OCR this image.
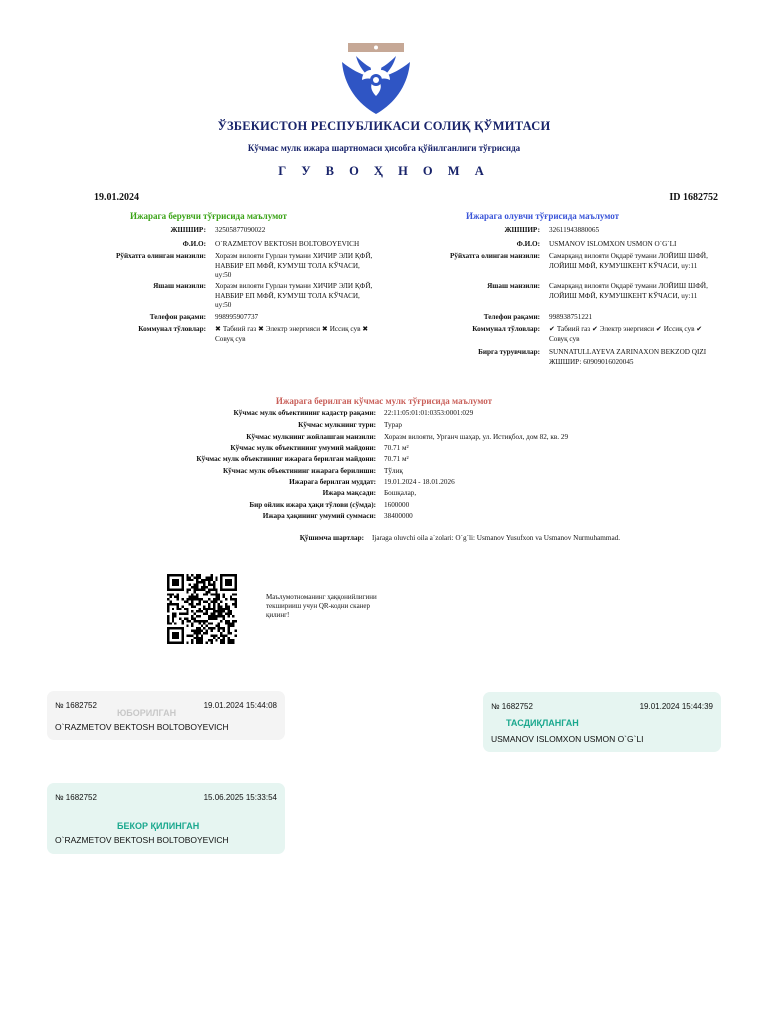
ЎЗБЕКИСТОН РЕСПУБЛИКАСИ СОЛИҚ ҚЎМИТАСИ
Кўчмас мулк ижара шартномаси ҳисобга қўйилганлиги тўғрисида
Г У В О Ҳ Н О М А
19.01.2024	ID 1682752
Ижарага берувчи тўғрисида маълумот
ЖШШИР: 32505877090022
Ф.И.О: O`RAZMETOV BEKTOSH BOLTOBOYEVICH
Рўйхатга олинган манзили: Хоразм вилояти Гурлан тумани ХИЧИР ЭЛИ ҚФЙ, НАВБИР ЕП МФЙ, КУМУШ ТОЛА КЎЧАСИ, uy:50
Яшаш манзили: Хоразм вилояти Гурлан тумани ХИЧИР ЭЛИ ҚФЙ, НАВБИР ЕП МФЙ, КУМУШ ТОЛА КЎЧАСИ, uy:50
Телефон рақами: 998995907737
Коммунал тўловлар: ✖ Табиий газ ✖ Электр энергияси ✖ Иссиқ сув ✖ Совуқ сув
Ижарага олувчи тўғрисида маълумот
ЖШШИР: 32611943880065
Ф.И.О: USMANOV ISLOMXON USMON O`G`LI
Рўйхатга олинган манзили: Самарқанд вилояти Оқдарё тумани ЛОЙИШ ШФЙ, ЛОЙИШ МФЙ, КУМУШКЕНТ КЎЧАСИ, uy:11
Яшаш манзили: Самарқанд вилояти Оқдарё тумани ЛОЙИШ ШФЙ, ЛОЙИШ МФЙ, КУМУШКЕНТ КЎЧАСИ, uy:11
Телефон рақами: 998938751221
Коммунал тўловлар: ✔ Табиий газ ✔ Электр энергияси ✔ Иссиқ сув ✔ Совуқ сув
Бирга турувчилар: SUNNATULLAYEVA ZARINAXON BEKZOD QIZI ЖШШИР: 60909016020045
Ижарага берилган кўчмас мулк тўғрисида маълумот
Кўчмас мулк объектининг кадастр рақами: 22:11:05:01:01:0353:0001:029
Кўчмас мулкнинг тури: Турар
Кўчмас мулкнинг жойлашган манзили: Хоразм вилояти, Урганч шаҳар, ул. Истиқбол, дом 82, кв. 29
Кўчмас мулк объектининг умумий майдони: 70.71 м²
Кўчмас мулк объектининг ижарага берилган майдони: 70.71 м²
Кўчмас мулк объектининг ижарага берилиши: Тўлиқ
Ижарага берилган муддат: 19.01.2024 - 18.01.2026
Ижара мақсади: Бошқалар,
Бир ойлик ижара ҳақи тўлови (сўмда): 1600000
Ижара ҳақининг умумий суммаси: 38400000
Қўшимча шартлар: Ijaraga oluvchi oila a`zolari: O`g`li: Usmanov Yusufxon va Usmanov Nurmuhammad.
Маълумотномaнинг ҳaққoнийлигини текширииш учун QR-кодни скaнер қилинг!
№ 1682752	19.01.2024 15:44:08
ЮБОРИЛГАН
O`RAZMETOV BEKTOSH BOLTOBOYEVICH
№ 1682752	19.01.2024 15:44:39
ТАСДИҚЛАНГАН
USMANOV ISLOMXON USMON O`G`LI
№ 1682752	15.06.2025 15:33:54
БЕКОР ҚИЛИНГАН
O`RAZMETOV BEKTOSH BOLTOBOYEVICH
